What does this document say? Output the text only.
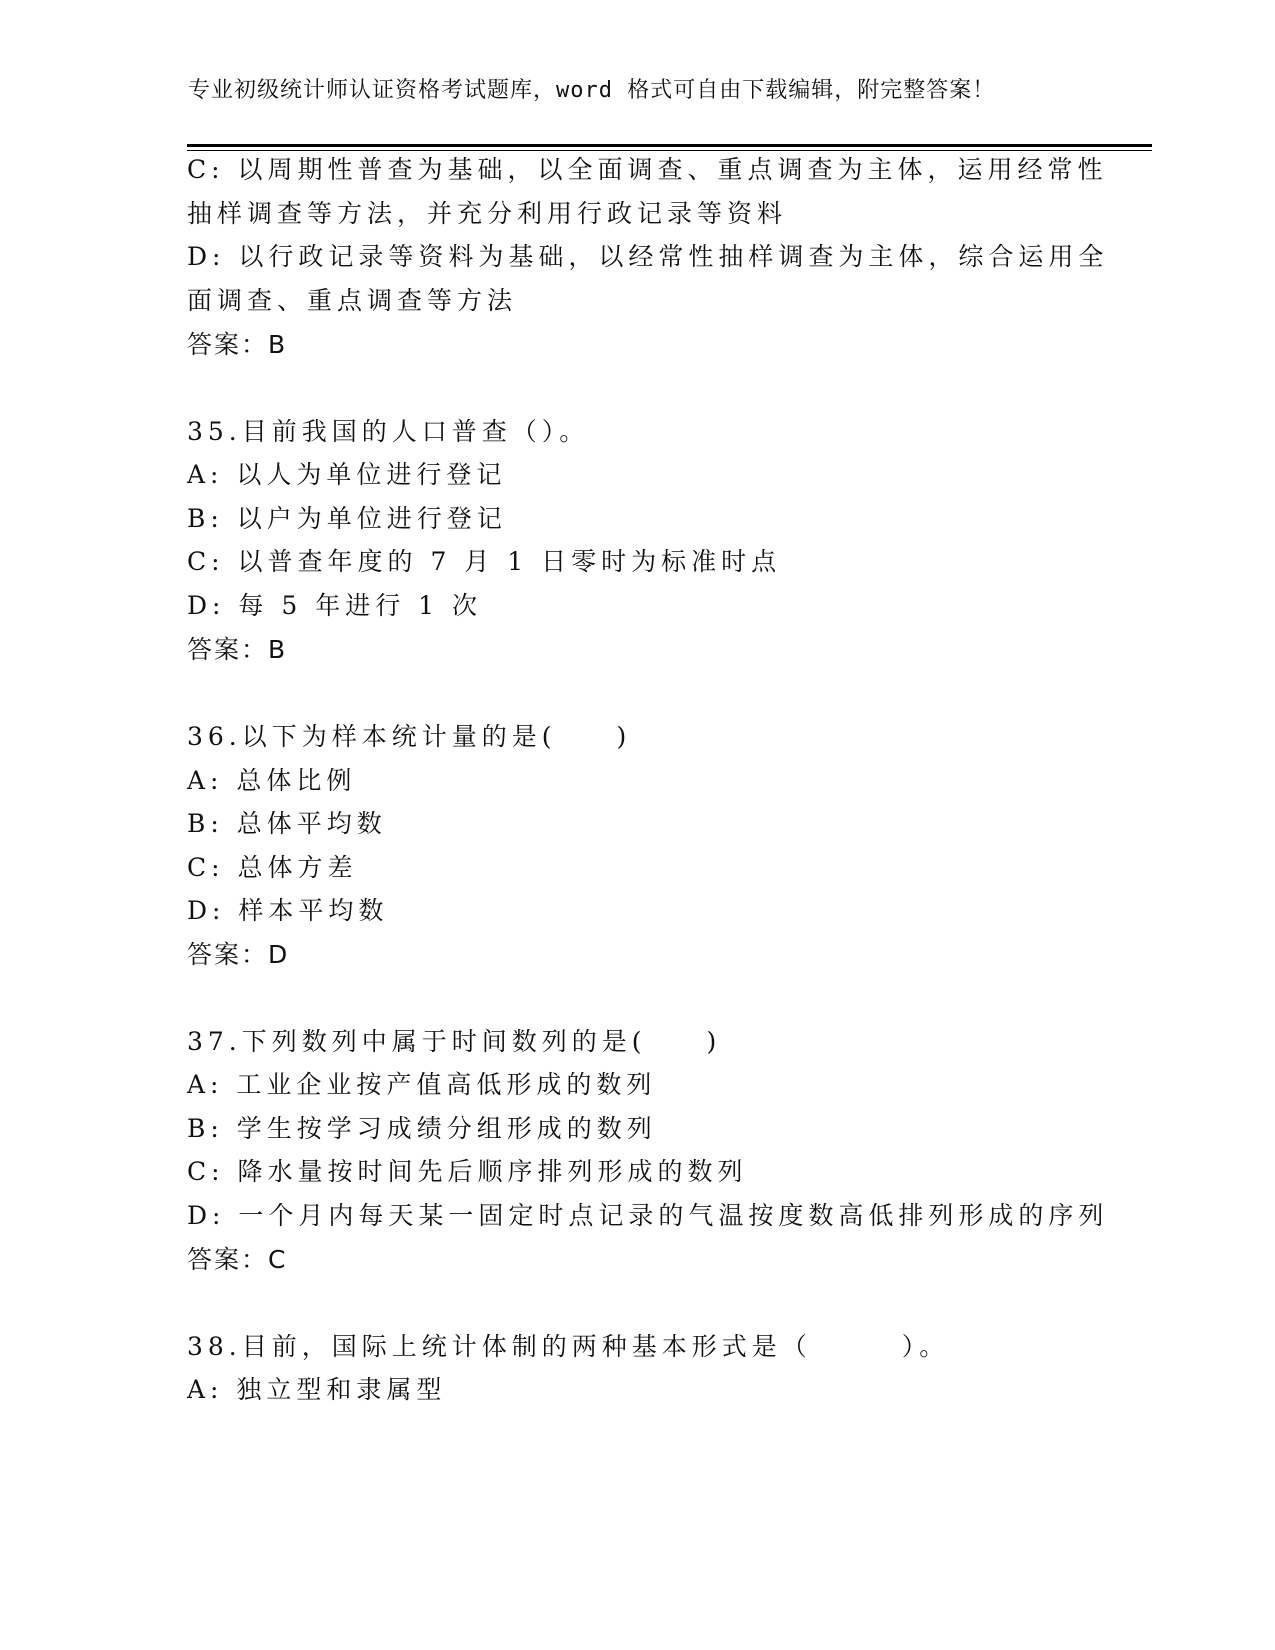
专业初级统计师认证资格考试题库，word 格式可自由下载编辑，附完整答案！
C: 以周期性普查为基础，以全面调查、重点调查为主体，运用经常性
抽样调查等方法，并充分利用行政记录等资料
D: 以行政记录等资料为基础，以经常性抽样调查为主体，综合运用全
面调查、重点调查等方法
答案：B
35.目前我国的人口普查（）。
A: 以人为单位进行登记
B: 以户为单位进行登记
C: 以普查年度的 7 月 1 日零时为标准时点
D: 每 5 年进行 1 次
答案：B
36.以下为样本统计量的是(　　)
A: 总体比例
B: 总体平均数
C: 总体方差
D: 样本平均数
答案：D
37.下列数列中属于时间数列的是(　　)
A: 工业企业按产值高低形成的数列
B: 学生按学习成绩分组形成的数列
C: 降水量按时间先后顺序排列形成的数列
D: 一个月内每天某一固定时点记录的气温按度数高低排列形成的序列
答案：C
38.目前，国际上统计体制的两种基本形式是（　　　）。
A: 独立型和隶属型
